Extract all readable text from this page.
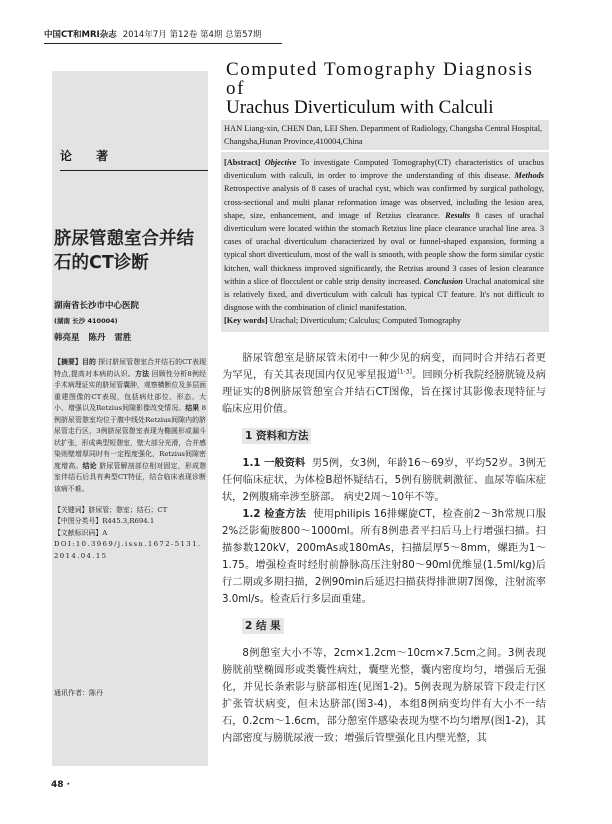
中国CT和MRI杂志 2014年7月 第12卷 第4期 总第57期
论 著
脐尿管憩室合并结石的CT诊断
湖南省长沙市中心医院
(湖南 长沙 410004)
韩亮星 陈丹 雷胜
【摘要】目的 探讨脐尿管憩室合并结石的CT表现特点,提高对本病的认识。方法 回顾性分析8例经手术病理证实的脐尿管囊肿，观察横断位及多层面重建图像的CT表现，包括病灶部位、形态、大小、增强以及Retzius间隙影像改变情况。结果 8例脐尿管憩室均位于腹中线处Retzius间隙内的脐尿管走行区，3例脐尿管憩室表现为椭圆形或漏斗状扩张，形成典型短憩室，壁大部分光滑，合并感染则壁增厚同时有一定程度强化，Retzius间隙密度增高。结论 脐尿管解剖部位相对固定，形成憩室伴结石后具有典型CT特征，结合临床表现诊断该病不难。
【关键词】脐尿管；憩室；结石；CT
【中图分类号】R445.3,R694.1
【文献标识码】A
DOI:10.3969/j.issn.1672-5131.2014.04.15
通讯作者：陈丹
48 ·
Computed Tomography Diagnosis of
Urachus Diverticulum with Calculi
HAN Liang-xin, CHEN Dan, LEI Shen. Department of Radiology, Changsha Central Hospital, Changsha,Hunan Province,410004,China
[Abstract] Objective To investigate Computed Tomography(CT) characteristics of urachus diverticulum with calculi, in order to improve the understanding of this disease. Methods Retrospective analysis of 8 cases of urachal cyst, which was confirmed by surgical pathology, cross-sectional and multi planar reformation image was observed, including the lesion area, shape, size, enhancement, and image of Retzius clearance. Results 8 cases of urachal diverticulum were located within the stomach Retzius line place clearance urachal line area. 3 cases of urachal diverticulum characterized by oval or funnel-shaped expansion, forming a typical short diverticulum, most of the wall is smooth, with people show the form similar cystic kitchen, wall thickness improved significantly, the Retzius around 3 cases of lesion clearance within a slice of flocculent or cable strip density increased. Conclusion Urachal anatomical site is relatively fixed, and diverticulum with calculi has typical CT feature. It's not difficult to disgnose with the combination of clinicl manifestation.
[Key words] Urachal; Diverticulum; Calculus; Computed Tomography
脐尿管憩室是脐尿管未闭中一种少见的病变，而同时合并结石者更为罕见，有关其表现国内仅见零星报道[1-3]。回顾分析我院经膀胱镜及病理证实的8例脐尿管憩室合并结石CT图像，旨在探讨其影像表现特征与临床应用价值。
1 资料和方法
1.1 一般资料 男5例，女3例，年龄16～69岁，平均52岁。3例无任何临床症状，为体检B超怀疑结石，5例有膀胱刺激征、血尿等临床症状，2例腹痛牵涉至脐部。 病史2周～10年不等。
1.2 检查方法 使用philipis 16排螺旋CT，检查前2～3h常规口服2%泛影葡胺800～1000ml。所有8例患者平扫后马上行增强扫描。扫描参数120kV，200mAs或180mAs，扫描层厚5～8mm，螺距为1～1.75。增强检查时经肘前静脉高压注射80～90ml优维显(1.5ml/kg)后行二期或多期扫描，2例90min后延迟扫描获得排泄期7图像，注射流率3.0ml/s。检查后行多层面重建。
2 结 果
8例憩室大小不等，2cm×1.2cm～10cm×7.5cm之间。3例表现膀胱前壁椭圆形或类囊性病灶，囊壁光整，囊内密度均匀，增强后无强化，并见长条索影与脐部相连(见图1-2)。5例表现为脐尿管下段走行区扩张管状病变，但未达脐部(图3-4)，本组8例病变均伴有大小不一结石，0.2cm～1.6cm，部分憩室伴感染表现为壁不均匀增厚(图1-2)，其内部密度与膀胱尿液一致；增强后管壁强化且内壁光整，其
